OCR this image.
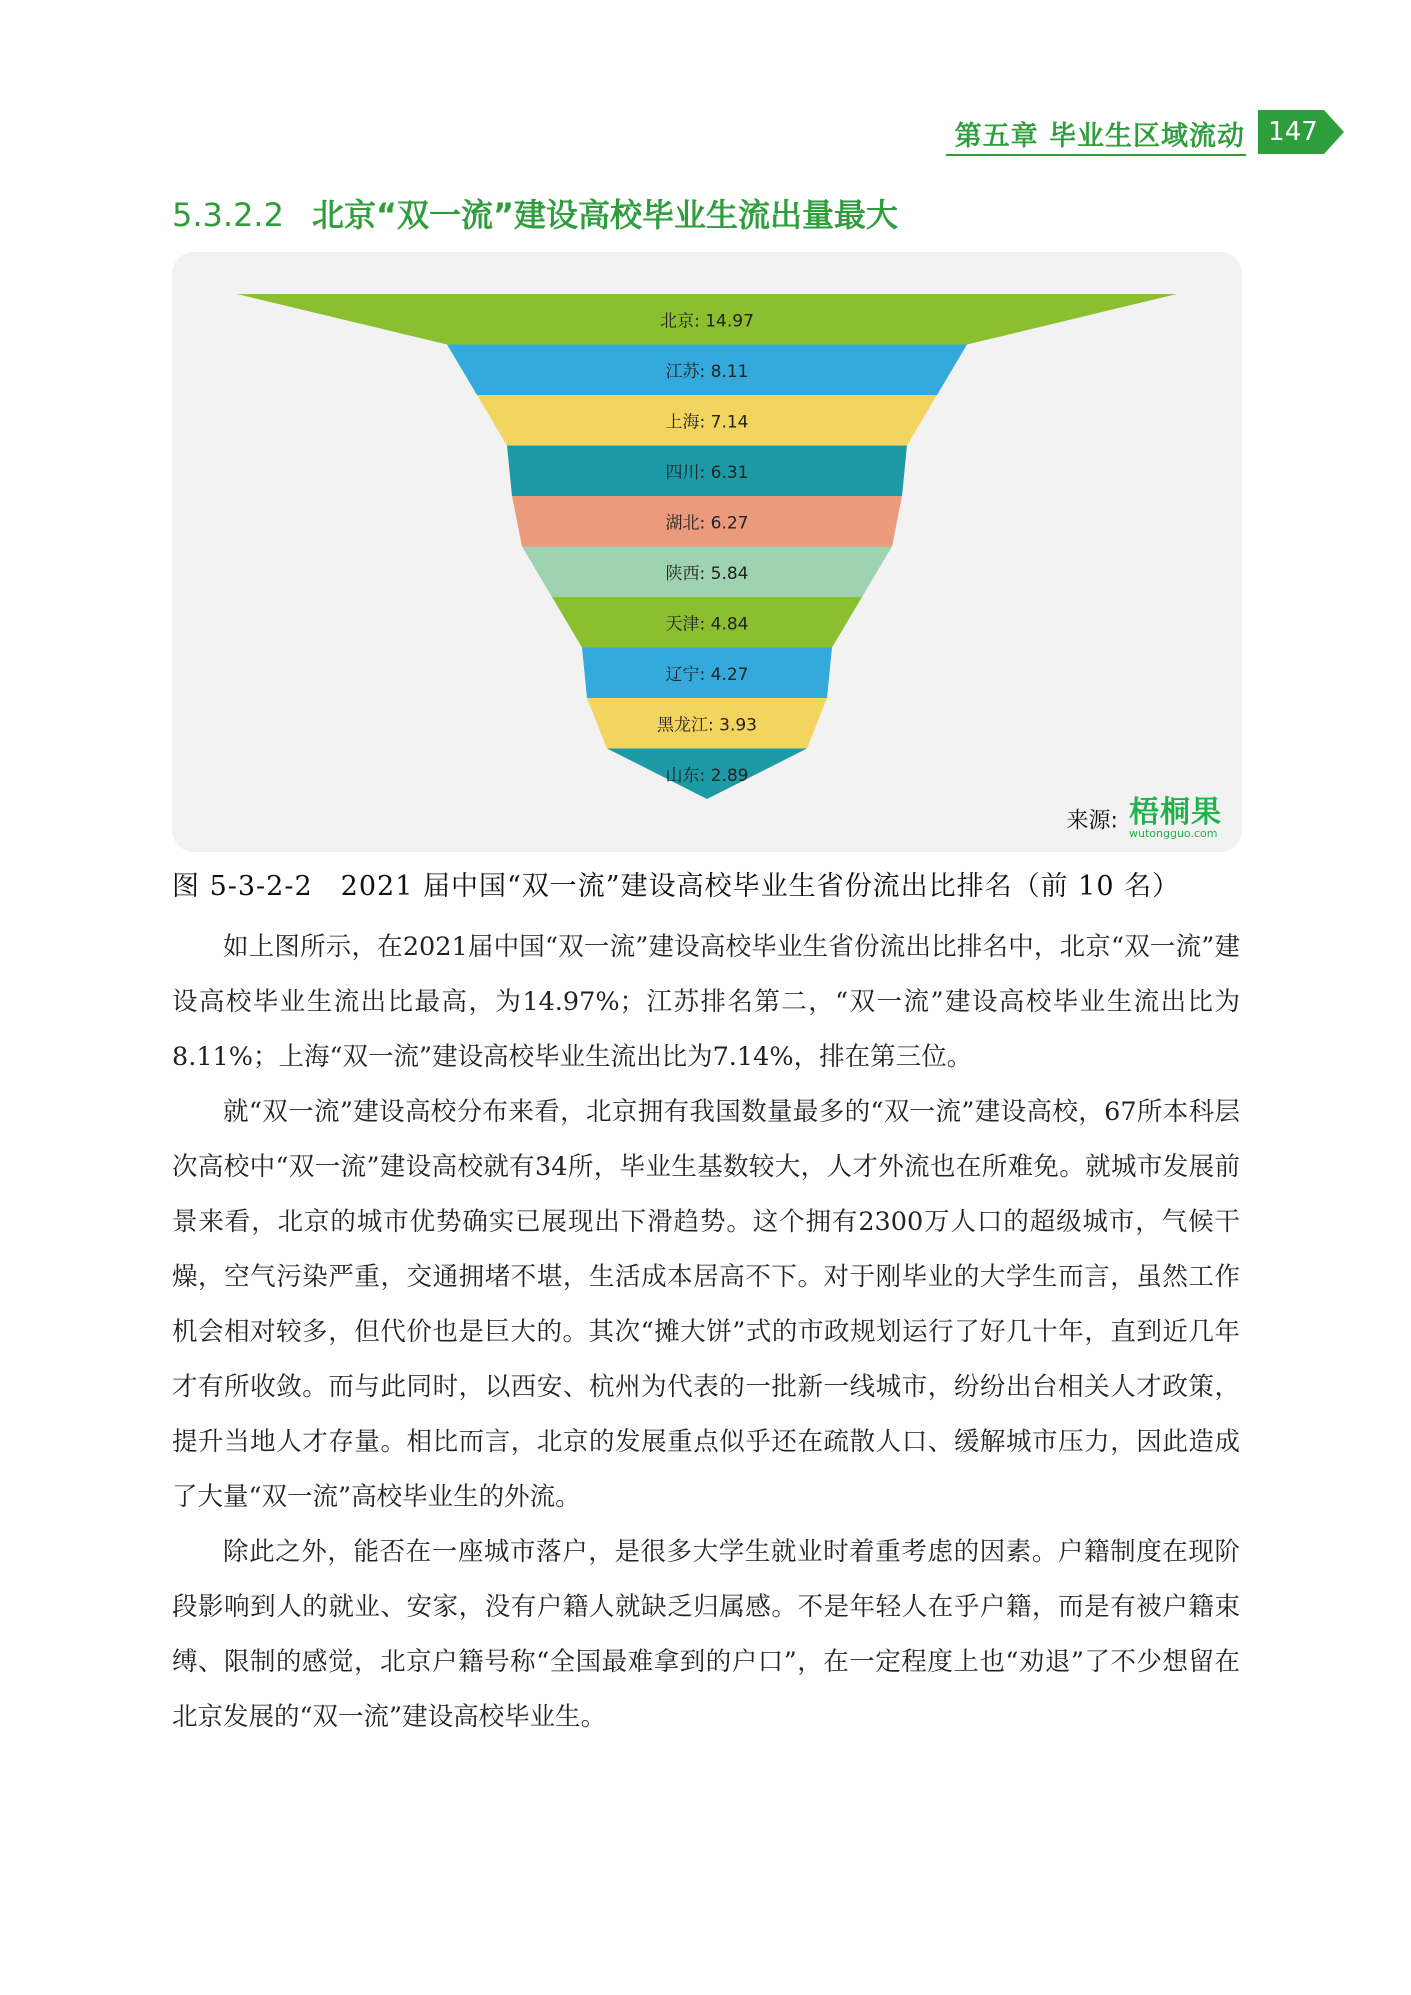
第五章 毕业生区域流动 147
5.3.2.2 北京“双一流”建设高校毕业生流出量最大
北京: 14.97
江苏: 8.11
上海: 7.14
四川: 6.31
湖北: 6.27
陕西: 5.84
天津: 4.84
辽宁: 4.27
黑龙江: 3.93
山东: 2.89
来源: 梧桐果
wutongguo.com
图 5-3-2-2　2021 届中国“双一流”建设高校毕业生省份流出比排名（前 10 名）

如上图所示，在2021届中国“双一流”建设高校毕业生省份流出比排名中，北京“双一流”建设高校毕业生流出比最高，为14.97%；江苏排名第二，“双一流”建设高校毕业生流出比为8.11%；上海“双一流”建设高校毕业生流出比为7.14%，排在第三位。

就“双一流”建设高校分布来看，北京拥有我国数量最多的“双一流”建设高校，67所本科层次高校中“双一流”建设高校就有34所，毕业生基数较大，人才外流也在所难免。就城市发展前景来看，北京的城市优势确实已展现出下滑趋势。这个拥有2300万人口的超级城市，气候干燥，空气污染严重，交通拥堵不堪，生活成本居高不下。对于刚毕业的大学生而言，虽然工作机会相对较多，但代价也是巨大的。其次“摊大饼”式的市政规划运行了好几十年，直到近几年才有所收敛。而与此同时，以西安、杭州为代表的一批新一线城市，纷纷出台相关人才政策，提升当地人才存量。相比而言，北京的发展重点似乎还在疏散人口、缓解城市压力，因此造成了大量“双一流”高校毕业生的外流。

除此之外，能否在一座城市落户，是很多大学生就业时着重考虑的因素。户籍制度在现阶段影响到人的就业、安家，没有户籍人就缺乏归属感。不是年轻人在乎户籍，而是有被户籍束缚、限制的感觉，北京户籍号称“全国最难拿到的户口”，在一定程度上也“劝退”了不少想留在北京发展的“双一流”建设高校毕业生。
